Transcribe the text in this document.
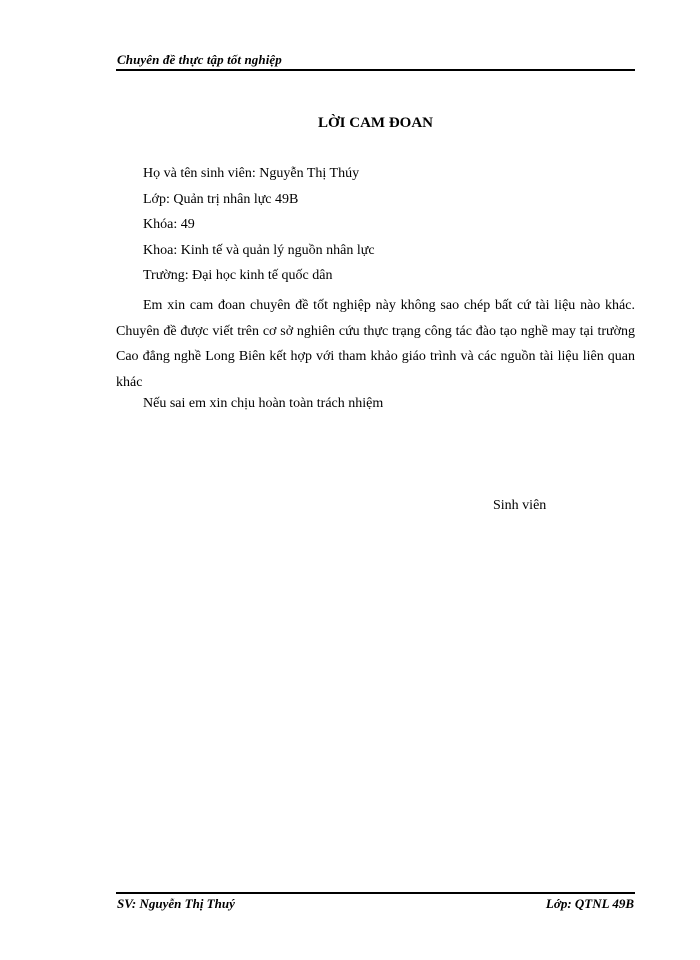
Chuyên đề thực tập tốt nghiệp
LỜI CAM ĐOAN
Họ và tên sinh viên: Nguyễn Thị Thúy
Lớp: Quản trị nhân lực 49B
Khóa: 49
Khoa: Kinh tế và quản lý nguồn nhân lực
Trường: Đại học kinh tế quốc dân
Em xin cam đoan chuyên đề tốt nghiệp này không sao chép bất cứ tài liệu nào khác. Chuyên đề được viết trên cơ sở nghiên cứu thực trạng công tác đào tạo nghề may tại trường Cao đẳng nghề Long Biên kết hợp với tham khảo giáo trình và các nguồn tài liệu liên quan khác
Nếu sai em xin chịu hoàn toàn trách nhiệm
Sinh viên
SV: Nguyễn Thị Thuý	Lớp: QTNL 49B
